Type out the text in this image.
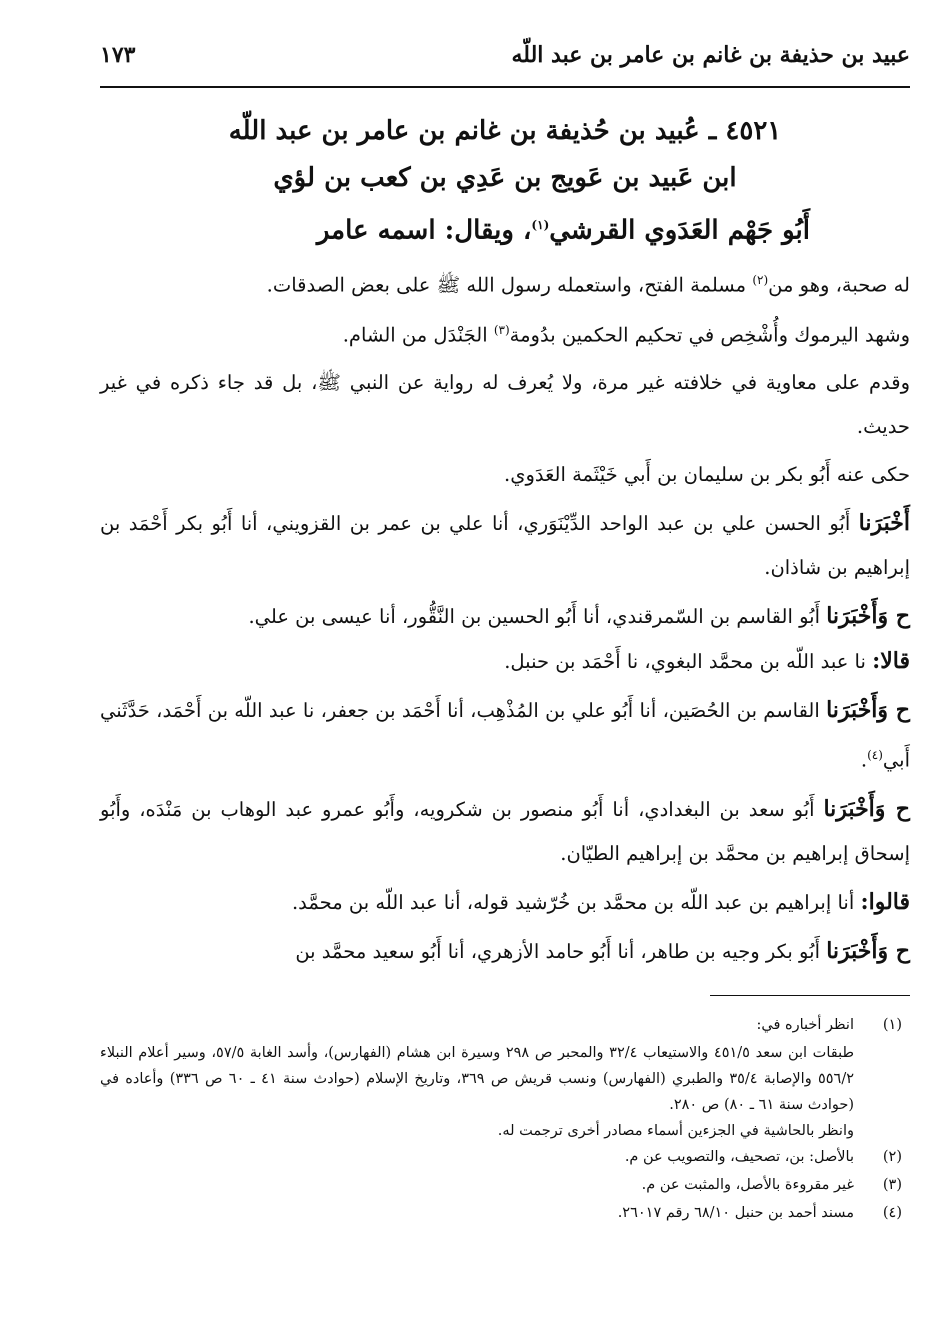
عبيد بن حذيفة بن غانم بن عامر بن عبد اللّه
١٧٣
٤٥٢١ ـ عُبيد بن حُذيفة بن غانم بن عامر بن عبد اللّه
ابن عَبيد بن عَويج بن عَدِي بن كعب بن لؤي
أَبُو جَهْم العَدَوي القرشي$^{(١)}$، ويقال: اسمه عامر

له صحبة، وهو من$^{(٢)}$ مسلمة الفتح، واستعمله رسول الله ﷺ على بعض الصدقات.

وشهد اليرموك وأُشْخِص في تحكيم الحكمين بدُومة$^{(٣)}$ الجَنْدَل من الشام.

وقدم على معاوية في خلافته غير مرة، ولا يُعرف له رواية عن النبي ﷺ، بل قد جاء ذكره في غير حديث.

حكى عنه أَبُو بكر بن سليمان بن أَبي خَيْثَمة العَدَوي.

أَخْبَرَنا أَبُو الحسن علي بن عبد الواحد الدِّيْنَوَري، أنا علي بن عمر بن القزويني، أنا أَبُو بكر أَحْمَد بن إبراهيم بن شاذان.

ح وَأَخْبَرَنا أَبُو القاسم بن السّمرقندي، أنا أَبُو الحسين بن النَّقُّور، أنا عيسى بن علي.

قالا: نا عبد اللّه بن محمَّد البغوي، نا أَحْمَد بن حنبل.

ح وَأَخْبَرَنا القاسم بن الحُصَين، أنا أَبُو علي بن المُذْهِب، أنا أَحْمَد بن جعفر، نا عبد اللّه بن أَحْمَد، حَدَّثَني أَبي$^{(٤)}$.

ح وَأَخْبَرَنا أَبُو سعد بن البغدادي، أنا أَبُو منصور بن شكرويه، وأَبُو عمرو عبد الوهاب بن مَنْدَه، وأَبُو إسحاق إبراهيم بن محمَّد بن إبراهيم الطيّان.

قالوا: أنا إبراهيم بن عبد اللّه بن محمَّد بن خُرّشيد قوله، أنا عبد اللّه بن محمَّد.

ح وَأَخْبَرَنا أَبُو بكر وجيه بن طاهر، أنا أَبُو حامد الأزهري، أنا أَبُو سعيد محمَّد بن

(١)
انظر أخباره في:

طبقات ابن سعد ٤٥١/٥ والاستيعاب ٣٢/٤ والمحبر ص ٢٩٨ وسيرة ابن هشام (الفهارس)، وأسد الغابة ٥٧/٥، وسير أعلام النبلاء ٥٥٦/٢ والإصابة ٣٥/٤ والطبري (الفهارس) ونسب قريش ص ٣٦٩، وتاريخ الإسلام (حوادث سنة ٤١ ـ ٦٠ ص ٣٣٦) وأعاده في (حوادث سنة ٦١ ـ ٨٠) ص ٢٨٠.

وانظر بالحاشية في الجزءين أسماء مصادر أخرى ترجمت له.

(٢)
بالأصل: بن، تصحيف، والتصويب عن م.

(٣)
غير مقروءة بالأصل، والمثبت عن م.

(٤)
مسند أحمد بن حنبل ٦٨/١٠ رقم ٢٦٠١٧.
